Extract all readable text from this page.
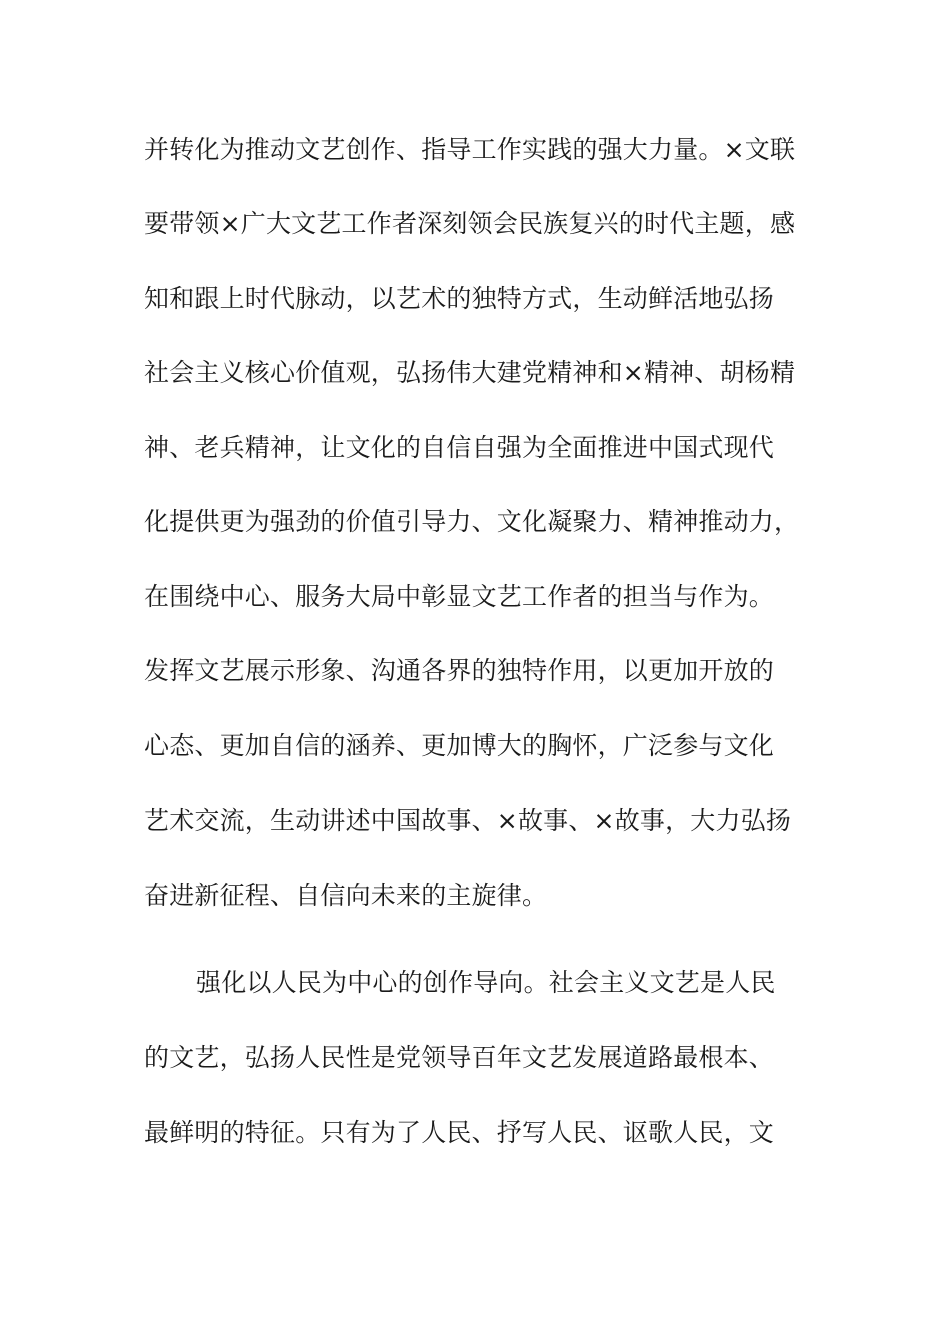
并转化为推动文艺创作、指导工作实践的强大力量。×文联
要带领×广大文艺工作者深刻领会民族复兴的时代主题，感
知和跟上时代脉动，以艺术的独特方式，生动鲜活地弘扬
社会主义核心价值观，弘扬伟大建党精神和×精神、胡杨精
神、老兵精神，让文化的自信自强为全面推进中国式现代
化提供更为强劲的价值引导力、文化凝聚力、精神推动力，
在围绕中心、服务大局中彰显文艺工作者的担当与作为。
发挥文艺展示形象、沟通各界的独特作用，以更加开放的
心态、更加自信的涵养、更加博大的胸怀，广泛参与文化
艺术交流，生动讲述中国故事、×故事、×故事，大力弘扬
奋进新征程、自信向未来的主旋律。
强化以人民为中心的创作导向。社会主义文艺是人民
的文艺，弘扬人民性是党领导百年文艺发展道路最根本、
最鲜明的特征。只有为了人民、抒写人民、讴歌人民，文
